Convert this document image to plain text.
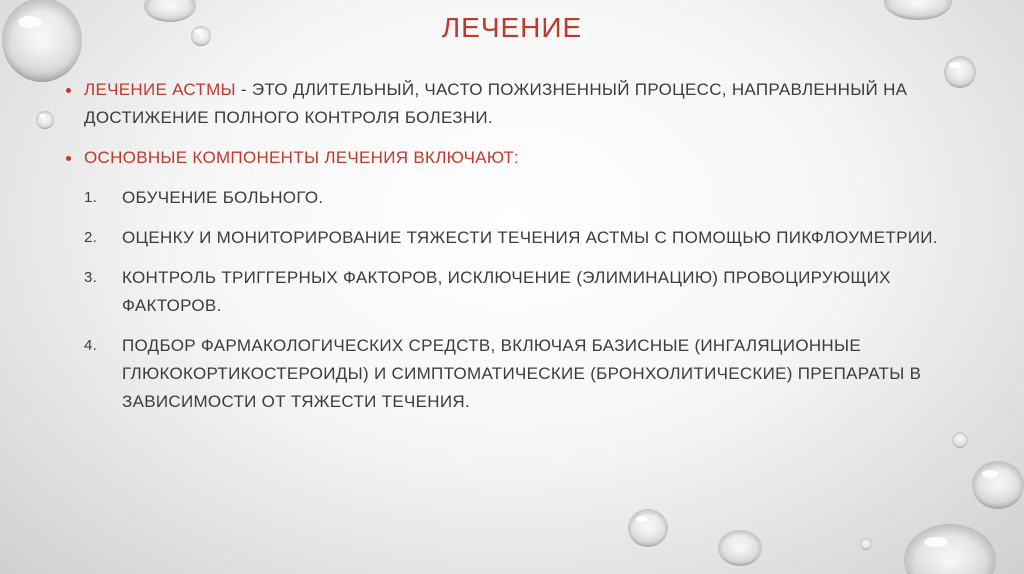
ЛЕЧЕНИЕ

ЛЕЧЕНИЕ АСТМЫ - ЭТО ДЛИТЕЛЬНЫЙ, ЧАСТО ПОЖИЗНЕННЫЙ ПРОЦЕСС, НАПРАВЛЕННЫЙ НА ДОСТИЖЕНИЕ ПОЛНОГО КОНТРОЛЯ БОЛЕЗНИ.

ОСНОВНЫЕ КОМПОНЕНТЫ ЛЕЧЕНИЯ ВКЛЮЧАЮТ:

1.	ОБУЧЕНИЕ БОЛЬНОГО.
2.	ОЦЕНКУ И МОНИТОРИРОВАНИЕ ТЯЖЕСТИ ТЕЧЕНИЯ АСТМЫ С ПОМОЩЬЮ ПИКФЛОУМЕТРИИ.
3.	КОНТРОЛЬ ТРИГГЕРНЫХ ФАКТОРОВ, ИСКЛЮЧЕНИЕ (ЭЛИМИНАЦИЮ) ПРОВОЦИРУЮЩИХ ФАКТОРОВ.
4.	ПОДБОР ФАРМАКОЛОГИЧЕСКИХ СРЕДСТВ, ВКЛЮЧАЯ БАЗИСНЫЕ (ИНГАЛЯЦИОННЫЕ ГЛЮКОКОРТИКОСТЕРОИДЫ) И СИМПТОМАТИЧЕСКИЕ (БРОНХОЛИТИЧЕСКИЕ) ПРЕПАРАТЫ В ЗАВИСИМОСТИ ОТ ТЯЖЕСТИ ТЕЧЕНИЯ.
